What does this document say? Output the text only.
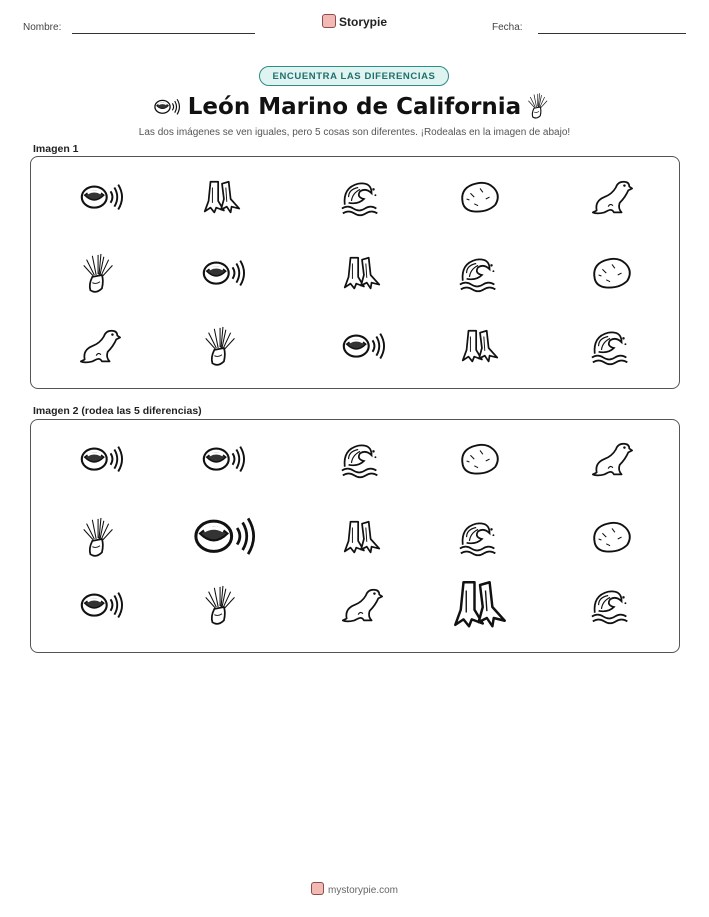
Nombre:	Storypie	Fecha:
ENCUENTRA LAS DIFERENCIAS
León Marino de California
Las dos imágenes se ven iguales, pero 5 cosas son diferentes. ¡Rodealas en la imagen de abajo!
Imagen 1
Imagen 2 (rodea las 5 diferencias)
mystorypie.com
